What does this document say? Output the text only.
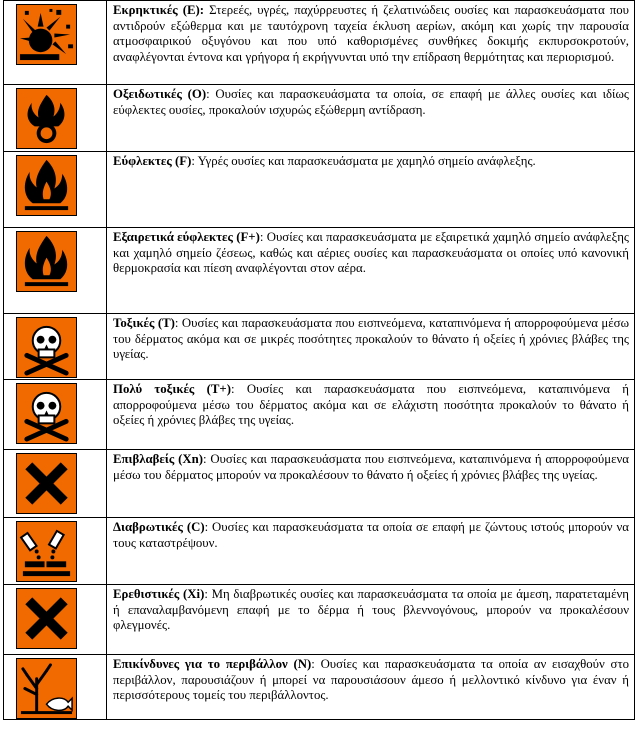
	Εκρηκτικές (Ε): Στερεές, υγρές, παχύρρευστες ή ζελατινώδεις ουσίες και παρασκευάσματα που αντιδρούν εξώθερμα και με ταυτόχρονη ταχεία έκλυση αερίων, ακόμη και χωρίς την παρουσία ατμοσφαιρικού οξυγόνου και που υπό καθορισμένες συνθήκες δοκιμής εκπυρσοκροτούν, αναφλέγονται έντονα και γρήγορα ή εκρήγνυνται υπό την επίδραση θερμότητας και περιορισμού.

	Οξειδωτικές (Ο): Ουσίες και παρασκευάσματα τα οποία, σε επαφή με άλλες ουσίες και ιδίως εύφλεκτες ουσίες, προκαλούν ισχυρώς εξώθερμη αντίδραση.

	Εύφλεκτες (F): Υγρές ουσίες και παρασκευάσματα με χαμηλό σημείο ανάφλεξης.

	Εξαιρετικά εύφλεκτες (F+): Ουσίες και παρασκευάσματα με εξαιρετικά χαμηλό σημείο ανάφλεξης και χαμηλό σημείο ζέσεως, καθώς και αέριες ουσίες και παρασκευάσματα οι οποίες υπό κανονική θερμοκρασία και πίεση αναφλέγονται στον αέρα.

	Τοξικές (Τ): Ουσίες και παρασκευάσματα που εισπνεόμενα, καταπινόμενα ή απορροφούμενα μέσω του δέρματος ακόμα και σε μικρές ποσότητες προκαλούν το θάνατο ή οξείες ή χρόνιες βλάβες της υγείας.

	Πολύ τοξικές (Τ+): Ουσίες και παρασκευάσματα που εισπνεόμενα, καταπινόμενα ή απορροφούμενα μέσω του δέρματος ακόμα και σε ελάχιστη ποσότητα προκαλούν το θάνατο ή οξείες ή χρόνιες βλάβες της υγείας.

	Επιβλαβείς (Xn): Ουσίες και παρασκευάσματα που εισπνεόμενα, καταπινόμενα ή απορροφούμενα μέσω του δέρματος μπορούν να προκαλέσουν το θάνατο ή οξείες ή χρόνιες βλάβες της υγείας.

	Διαβρωτικές (C): Ουσίες και παρασκευάσματα τα οποία σε επαφή με ζώντους ιστούς μπορούν να τους καταστρέψουν.

	Ερεθιστικές (Xi): Μη διαβρωτικές ουσίες και παρασκευάσματα τα οποία με άμεση, παρατεταμένη ή επαναλαμβανόμενη επαφή με το δέρμα ή τους βλεννογόνους, μπορούν να προκαλέσουν φλεγμονές.

	Επικίνδυνες για το περιβάλλον (Ν): Ουσίες και παρασκευάσματα τα οποία αν εισαχθούν στο περιβάλλον, παρουσιάζουν ή μπορεί να παρουσιάσουν άμεσο ή μελλοντικό κίνδυνο για έναν ή περισσότερους τομείς του περιβάλλοντος.
